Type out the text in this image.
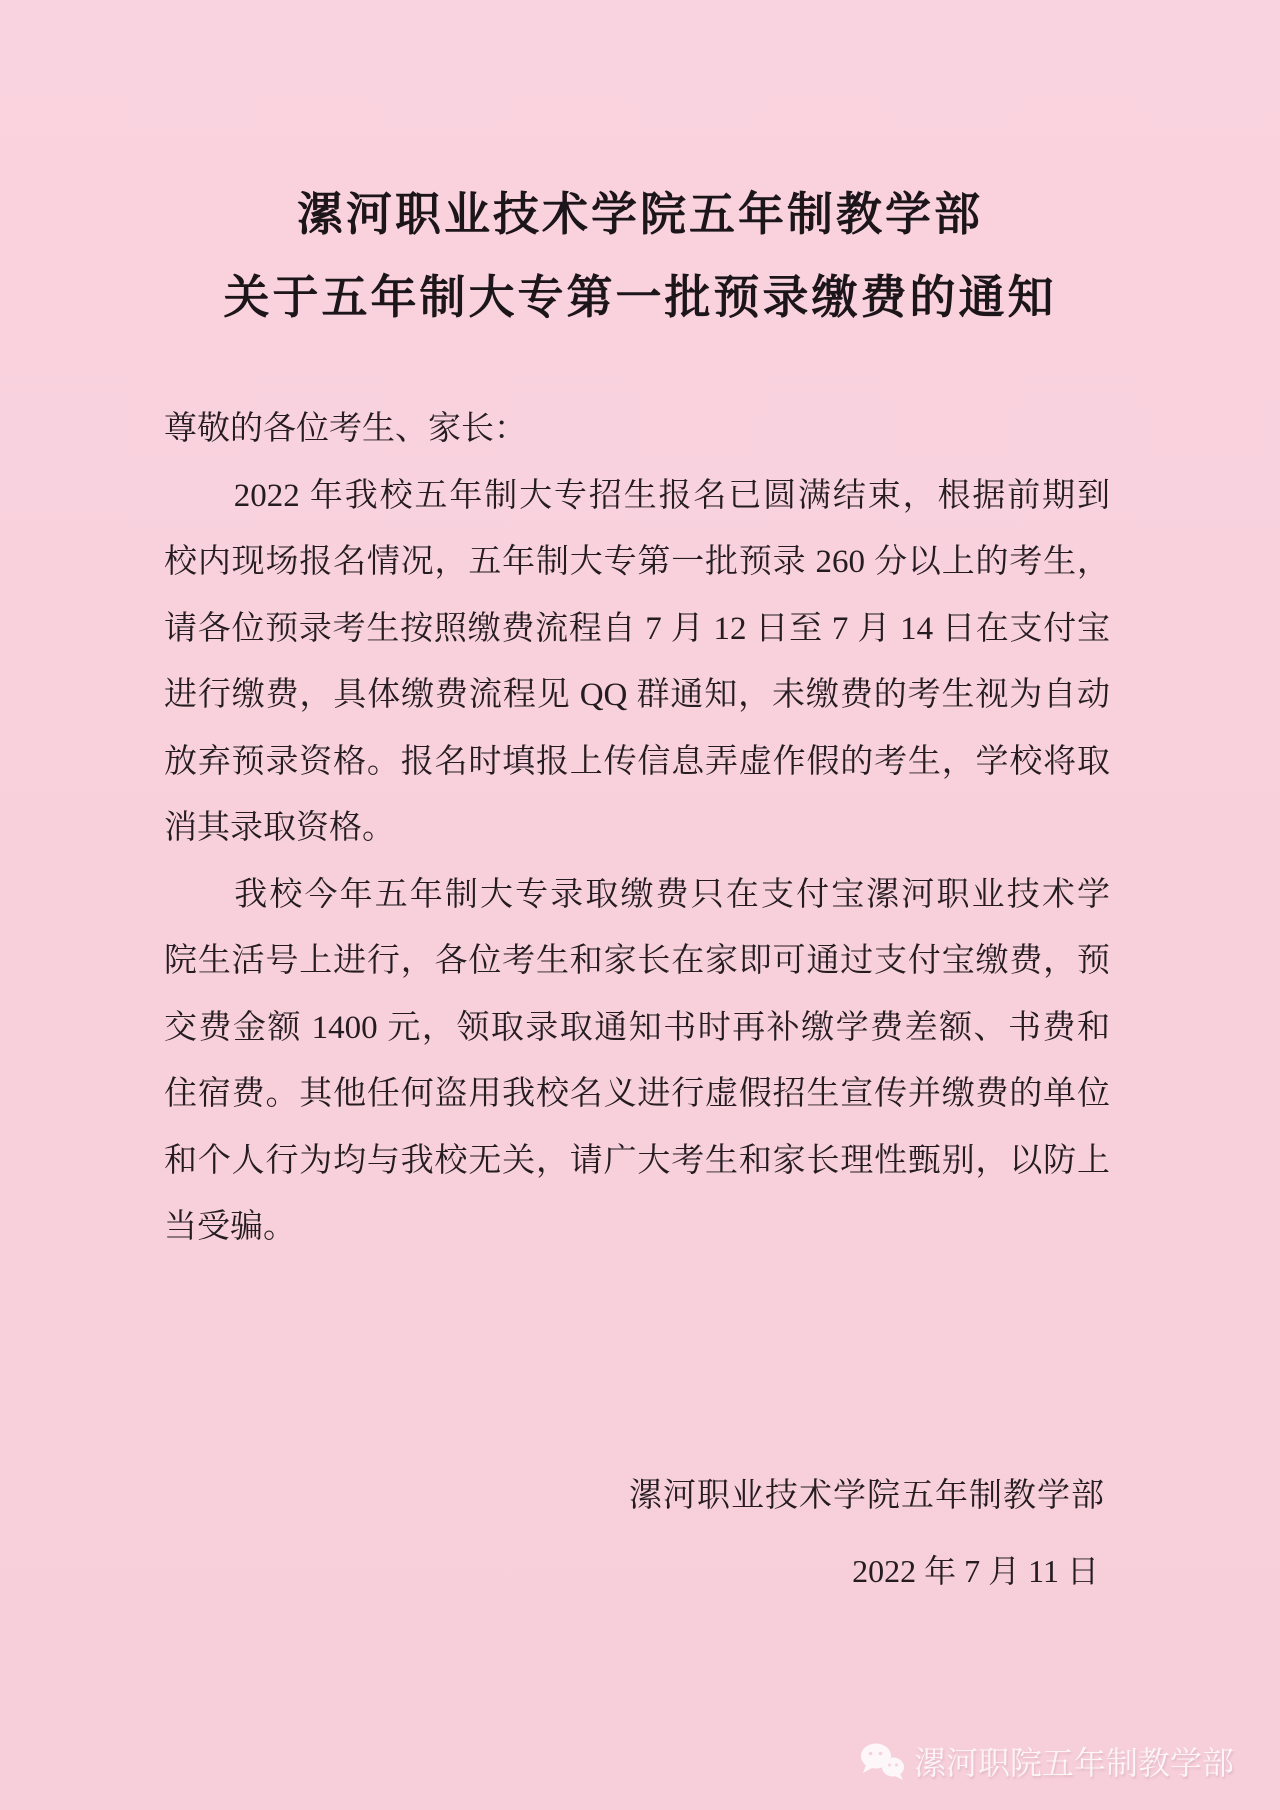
漯河职业技术学院五年制教学部
关于五年制大专第一批预录缴费的通知
尊敬的各位考生、家长：
　　2022 年我校五年制大专招生报名已圆满结束，根据前期到
校内现场报名情况，五年制大专第一批预录 260 分以上的考生，
请各位预录考生按照缴费流程自 7 月 12 日至 7 月 14 日在支付宝
进行缴费，具体缴费流程见 QQ 群通知，未缴费的考生视为自动
放弃预录资格。报名时填报上传信息弄虚作假的考生，学校将取
消其录取资格。
　　我校今年五年制大专录取缴费只在支付宝漯河职业技术学
院生活号上进行，各位考生和家长在家即可通过支付宝缴费，预
交费金额 1400 元，领取录取通知书时再补缴学费差额、书费和
住宿费。其他任何盗用我校名义进行虚假招生宣传并缴费的单位
和个人行为均与我校无关，请广大考生和家长理性甄别，以防上
当受骗。
漯河职业技术学院五年制教学部
2022 年 7 月 11 日
漯河职院五年制教学部
